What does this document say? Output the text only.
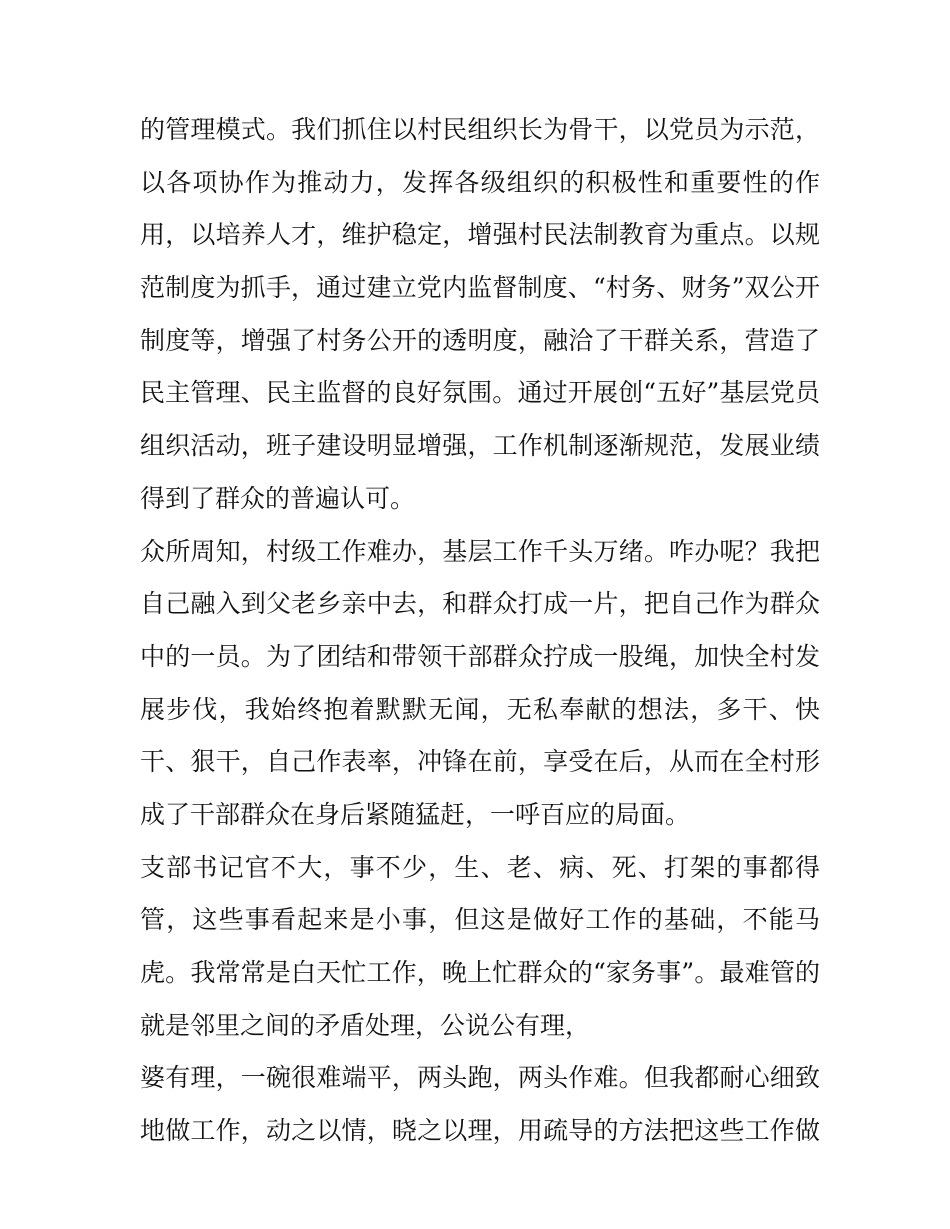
的管理模式。我们抓住以村民组织长为骨干，以党员为示范，
以各项协作为推动力，发挥各级组织的积极性和重要性的作
用，以培养人才，维护稳定，增强村民法制教育为重点。以规
范制度为抓手，通过建立党内监督制度、“村务、财务”双公开
制度等，增强了村务公开的透明度，融洽了干群关系，营造了
民主管理、民主监督的良好氛围。通过开展创“五好”基层党员
组织活动，班子建设明显增强，工作机制逐渐规范，发展业绩
得到了群众的普遍认可。
众所周知，村级工作难办，基层工作千头万绪。咋办呢？我把
自己融入到父老乡亲中去，和群众打成一片，把自己作为群众
中的一员。为了团结和带领干部群众拧成一股绳，加快全村发
展步伐，我始终抱着默默无闻，无私奉献的想法，多干、快
干、狠干，自己作表率，冲锋在前，享受在后，从而在全村形
成了干部群众在身后紧随猛赶，一呼百应的局面。
支部书记官不大，事不少，生、老、病、死、打架的事都得
管，这些事看起来是小事，但这是做好工作的基础，不能马
虎。我常常是白天忙工作，晚上忙群众的“家务事”。最难管的
就是邻里之间的矛盾处理，公说公有理，
婆有理，一碗很难端平，两头跑，两头作难。但我都耐心细致
地做工作，动之以情，晓之以理，用疏导的方法把这些工作做
